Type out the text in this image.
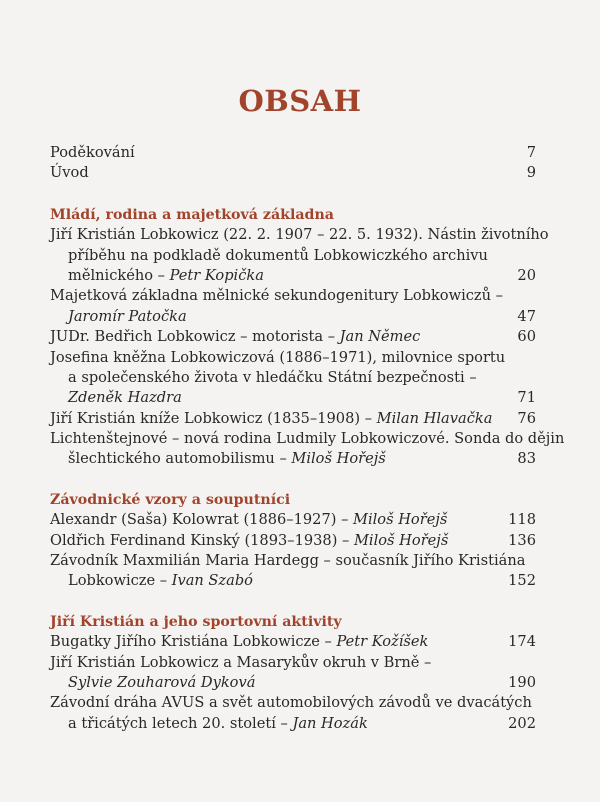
OBSAH
Poděkování	7
Úvod	9
Mládí, rodina a majetková základna
Jiří Kristián Lobkowicz (22. 2. 1907 – 22. 5. 1932). Nástin životního
příběhu na podkladě dokumentů Lobkowiczkého archivu
mělnického – Petr Kopička	20
Majetková základna mělnické sekundogenitury Lobkowiczů –
Jaromír Patočka	47
JUDr. Bedřich Lobkowicz – motorista – Jan Němec	60
Josefina kněžna Lobkowiczová (1886–1971), milovnice sportu
a společenského života v hledáčku Státní bezpečnosti –
Zdeněk Hazdra	71
Jiří Kristián kníže Lobkowicz (1835–1908) – Milan Hlavačka 76
Lichtenštejnové – nová rodina Ludmily Lobkowiczové. Sonda do dějin
šlechtického automobilismu – Miloš Hořejš	83
Závodnické vzory a souputníci
Alexandr (Saša) Kolowrat (1886–1927) – Miloš Hořejš	118
Oldřich Ferdinand Kinský (1893–1938) – Miloš Hořejš	136
Závodník Maxmilián Maria Hardegg – současník Jiřího Kristiána
Lobkowicze – Ivan Szabó	152
Jiří Kristián a jeho sportovní aktivity
Bugatky Jiřího Kristiána Lobkowicze – Petr Kožíšek	174
Jiří Kristián Lobkowicz a Masarykův okruh v Brně –
Sylvie Zouharová Dyková	190
Závodní dráha AVUS a svět automobilových závodů ve dvacátých
a třicátých letech 20. století – Jan Hozák	202
